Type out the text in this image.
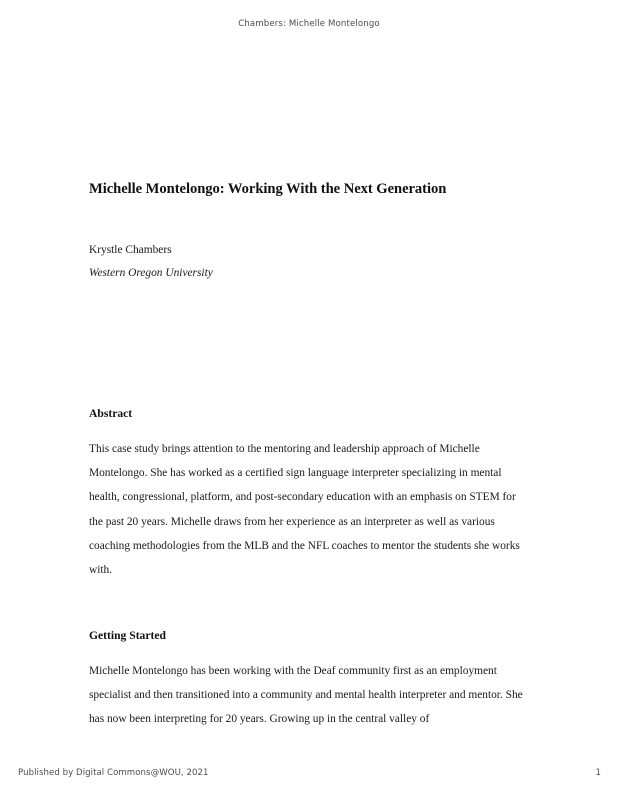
Chambers: Michelle Montelongo
Michelle Montelongo: Working With the Next Generation
Krystle Chambers
Western Oregon University
Abstract

This case study brings attention to the mentoring and leadership approach of Michelle Montelongo. She has worked as a certified sign language interpreter specializing in mental health, congressional, platform, and post-secondary education with an emphasis on STEM for the past 20 years. Michelle draws from her experience as an interpreter as well as various coaching methodologies from the MLB and the NFL coaches to mentor the students she works with.

Getting Started

Michelle Montelongo has been working with the Deaf community first as an employment specialist and then transitioned into a community and mental health interpreter and mentor. She has now been interpreting for 20 years. Growing up in the central valley of

Published by Digital Commons@WOU, 2021	1
